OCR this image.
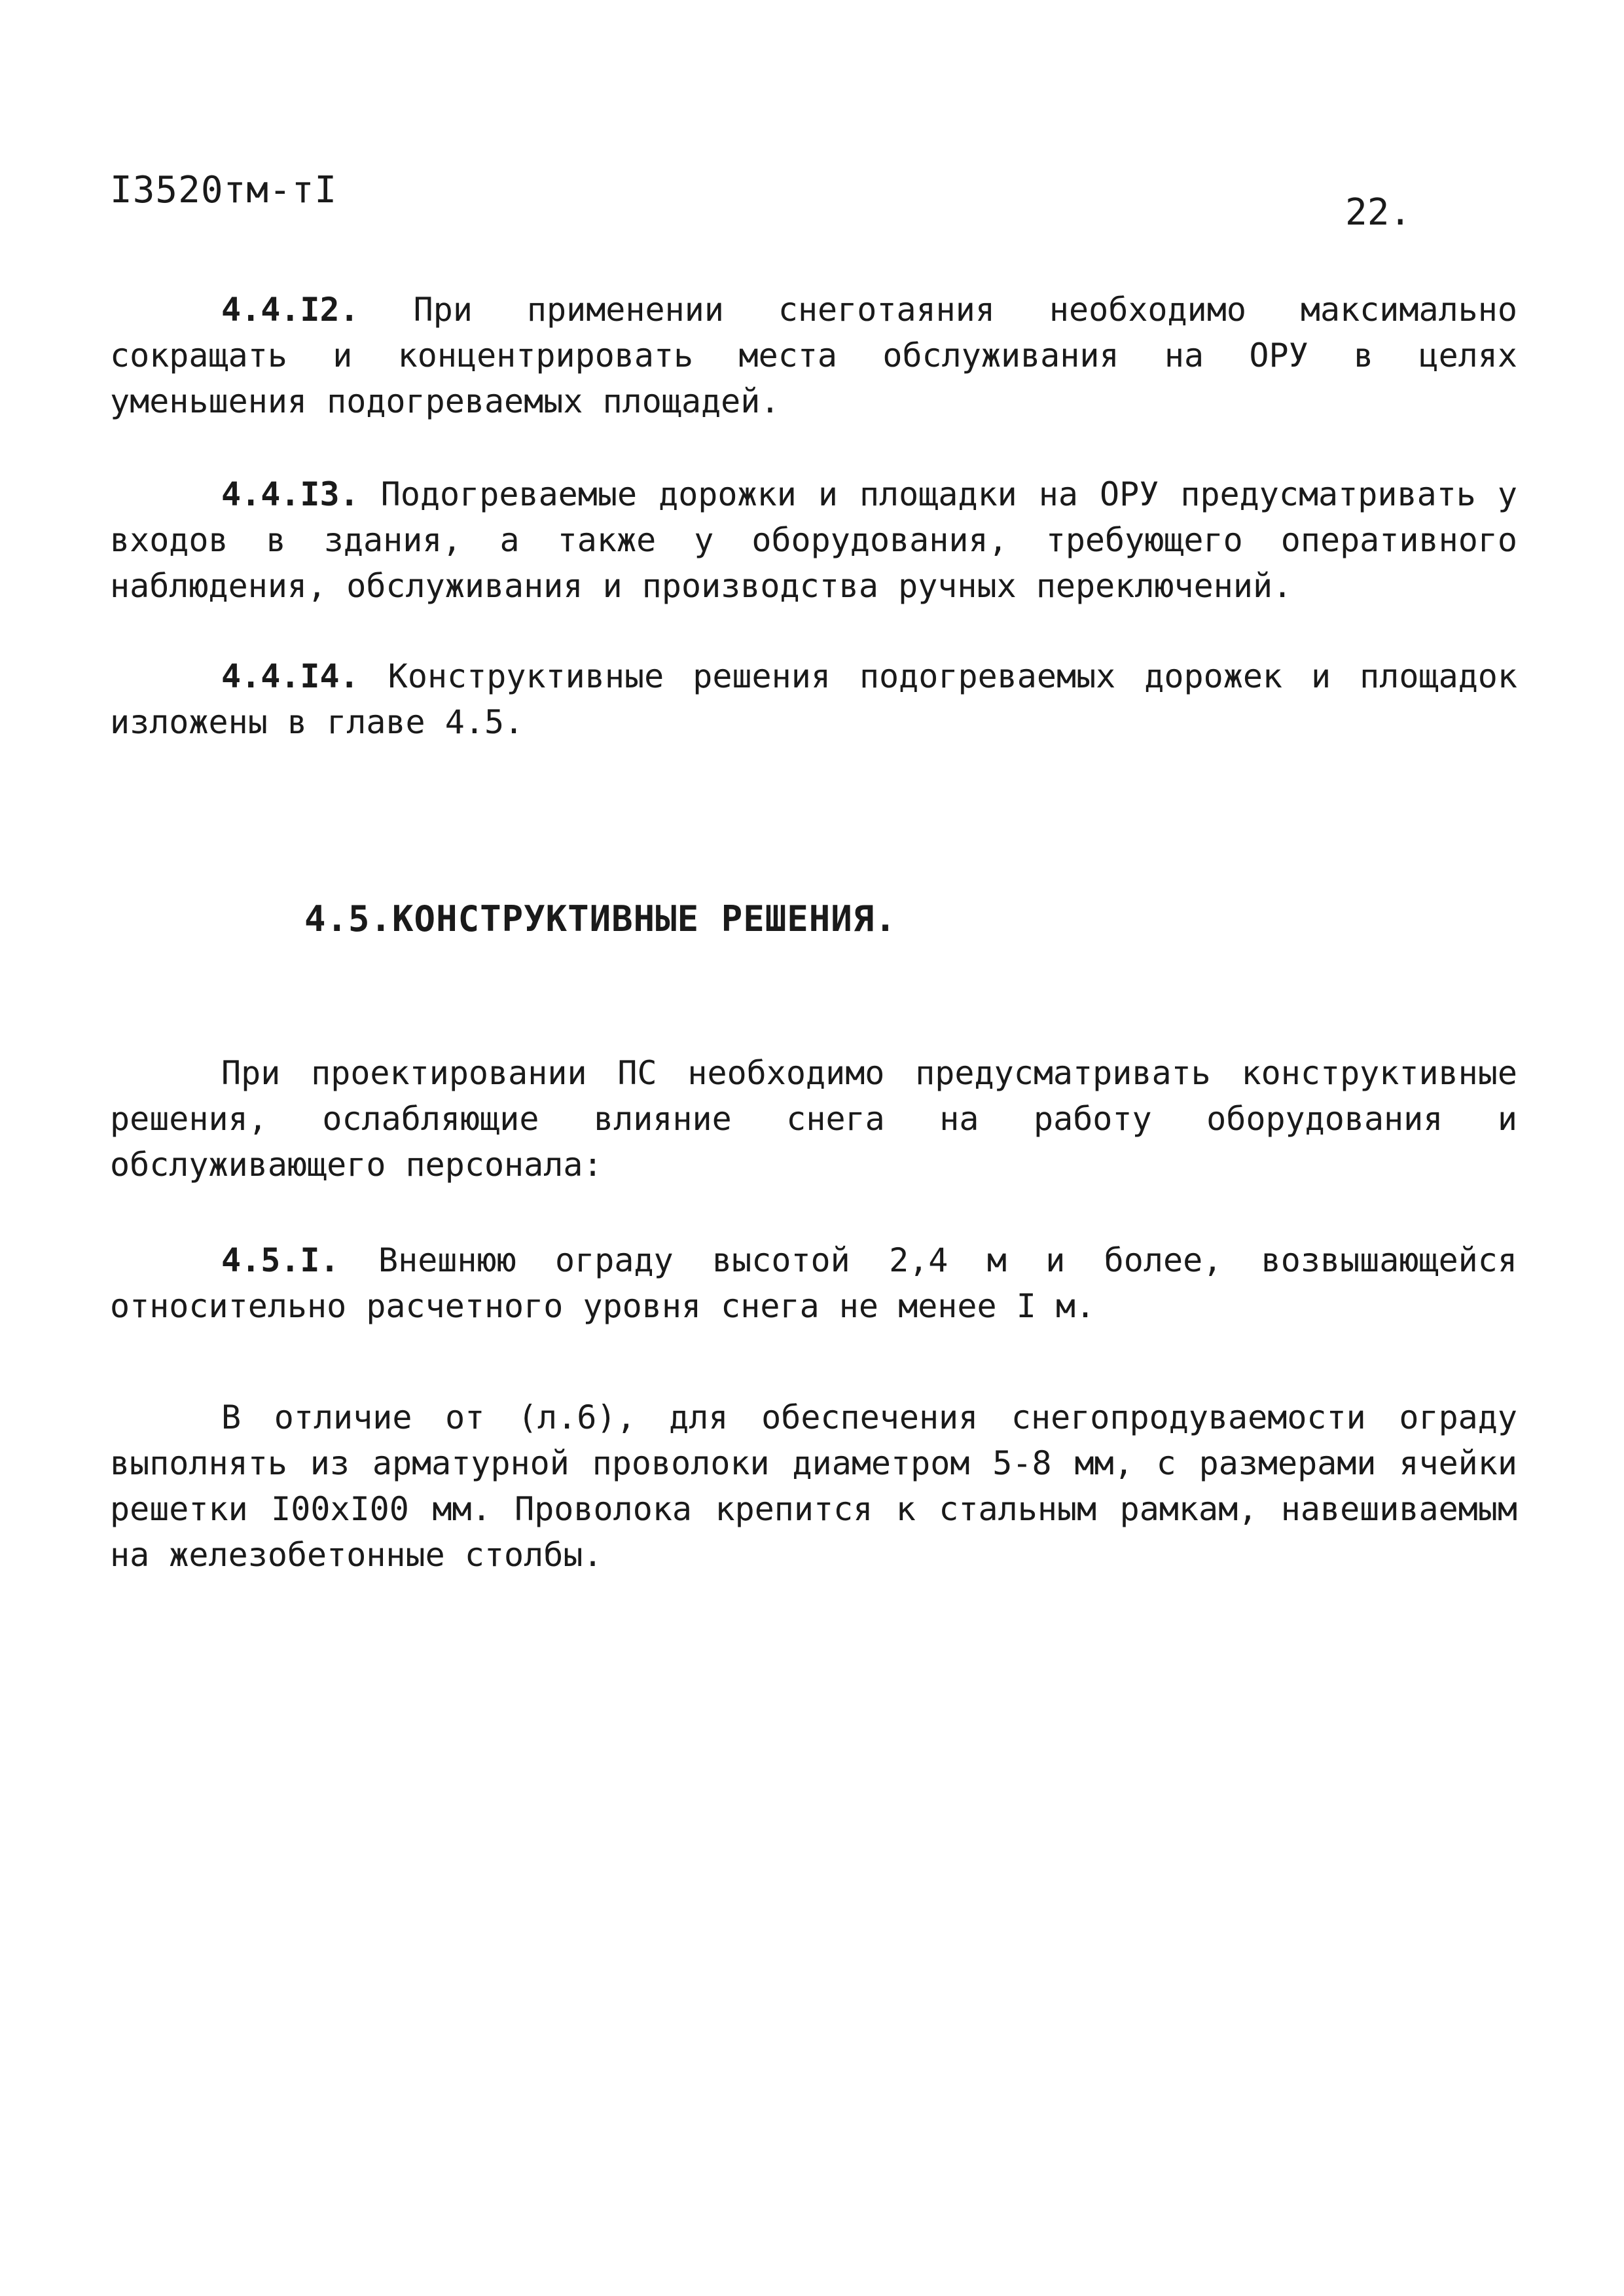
I3520тм-тI
22.

4.4.I2. При применении снеготаяния необходимо максимально сокращать и концентрировать места обслуживания на ОРУ в целях уменьшения подогреваемых площадей.

4.4.I3. Подогреваемые дорожки и площадки на ОРУ предусматривать у входов в здания, а также у оборудования, требующего оперативного наблюдения, обслуживания и производства ручных переключений.

4.4.I4. Конструктивные решения подогреваемых дорожек и площадок изложены в главе 4.5.

4.5.КОНСТРУКТИВНЫЕ РЕШЕНИЯ.

При проектировании ПС необходимо предусматривать конструктивные решения, ослабляющие влияние снега на работу оборудования и обслуживающего персонала:

4.5.I. Внешнюю ограду высотой 2,4 м и более, возвышающейся относительно расчетного уровня снега не менее I м.

В отличие от (л.6), для обеспечения снегопродуваемости ограду выполнять из арматурной проволоки диаметром 5-8 мм, с размерами ячейки решетки I00хI00 мм. Проволока крепится к стальным рамкам, навешиваемым на железобетонные столбы.
